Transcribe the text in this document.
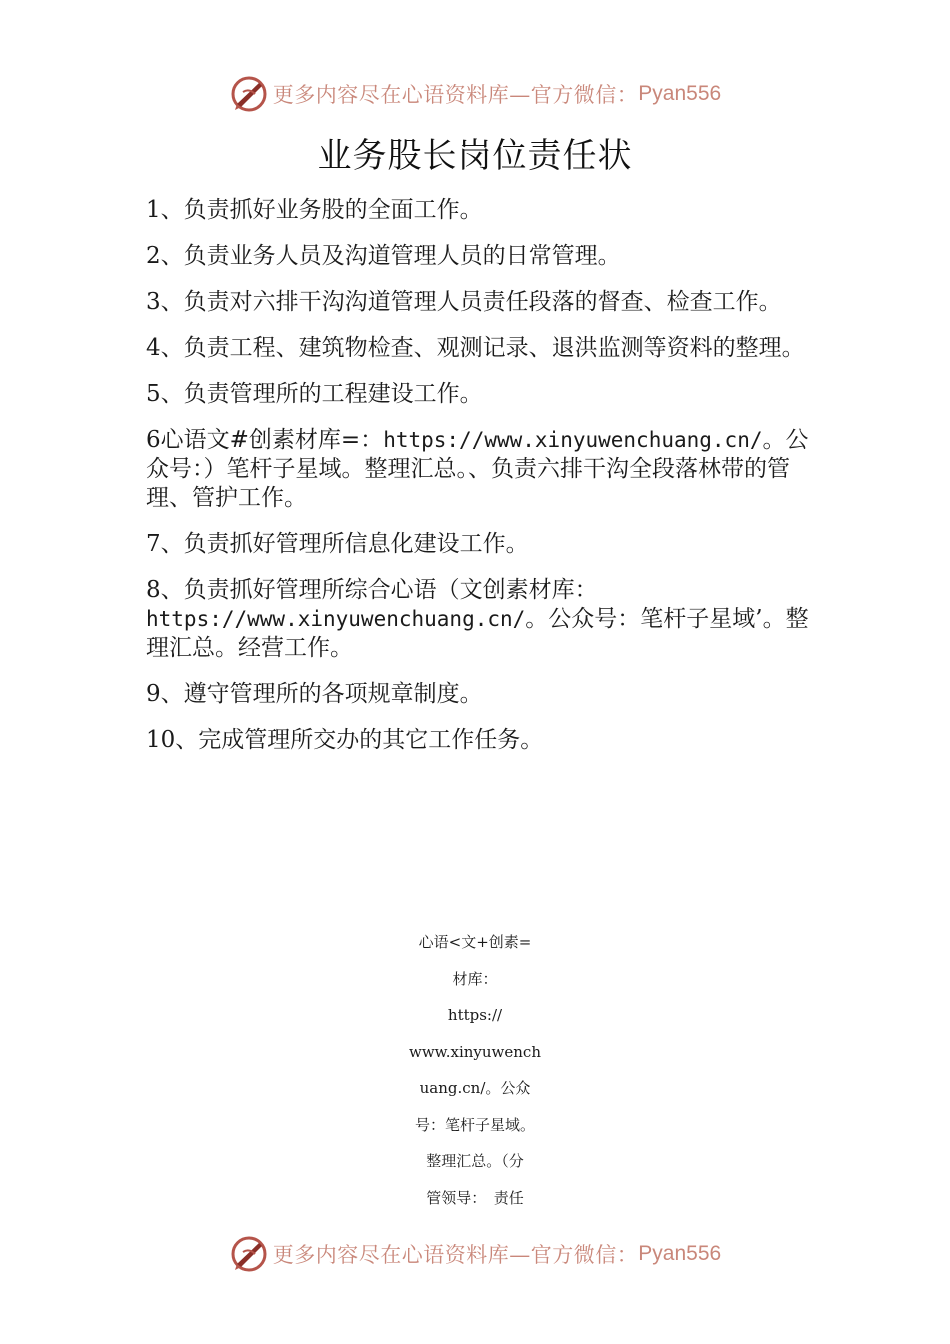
更多内容尽在心语资料库—官方微信： Pyan556
业务股长岗位责任状

1、负责抓好业务股的全面工作。

2、负责业务人员及沟道管理人员的日常管理。

3、负责对六排干沟沟道管理人员责任段落的督查、检查工作。

4、负责工程、建筑物检查、观测记录、退洪监测等资料的整理。

5、负责管理所的工程建设工作。

6心语文#创素材库=：https://www.xinyuwenchuang.cn/。公众号：）笔杆子星域。整理汇总。、负责六排干沟全段落林带的管理、管护工作。

7、负责抓好管理所信息化建设工作。

8、负责抓好管理所综合心语（文创素材库：https://www.xinyuwenchuang.cn/。公众号：笔杆子星域’。整理汇总。经营工作。

9、遵守管理所的各项规章制度。

10、完成管理所交办的其它工作任务。

心语<文+创素=
材库：
https://
www.xinyuwench
uang.cn/。公众
号：笔杆子星域。
整理汇总。（分
管领导：　责任
更多内容尽在心语资料库—官方微信： Pyan556
